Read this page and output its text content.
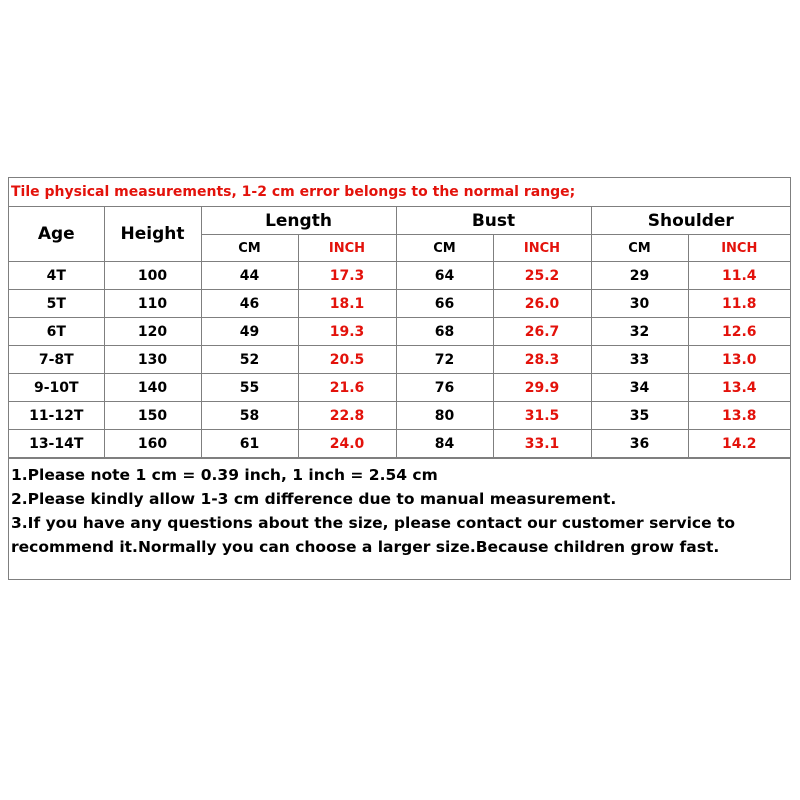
Tile physical measurements, 1-2 cm error belongs to the normal range;
Age	Height	Length		Bust		Shoulder	
		CM	INCH	CM	INCH	CM	INCH
4T	100	44	17.3	64	25.2	29	11.4
5T	110	46	18.1	66	26.0	30	11.8
6T	120	49	19.3	68	26.7	32	12.6
7-8T	130	52	20.5	72	28.3	33	13.0
9-10T	140	55	21.6	76	29.9	34	13.4
11-12T	150	58	22.8	80	31.5	35	13.8
13-14T	160	61	24.0	84	33.1	36	14.2
1.Please note 1 cm = 0.39 inch, 1 inch = 2.54 cm
2.Please kindly allow 1-3 cm difference due to manual measurement.
3.If you have any questions about the size, please contact our customer service to
recommend it.Normally you can choose a larger size.Because children grow fast.
